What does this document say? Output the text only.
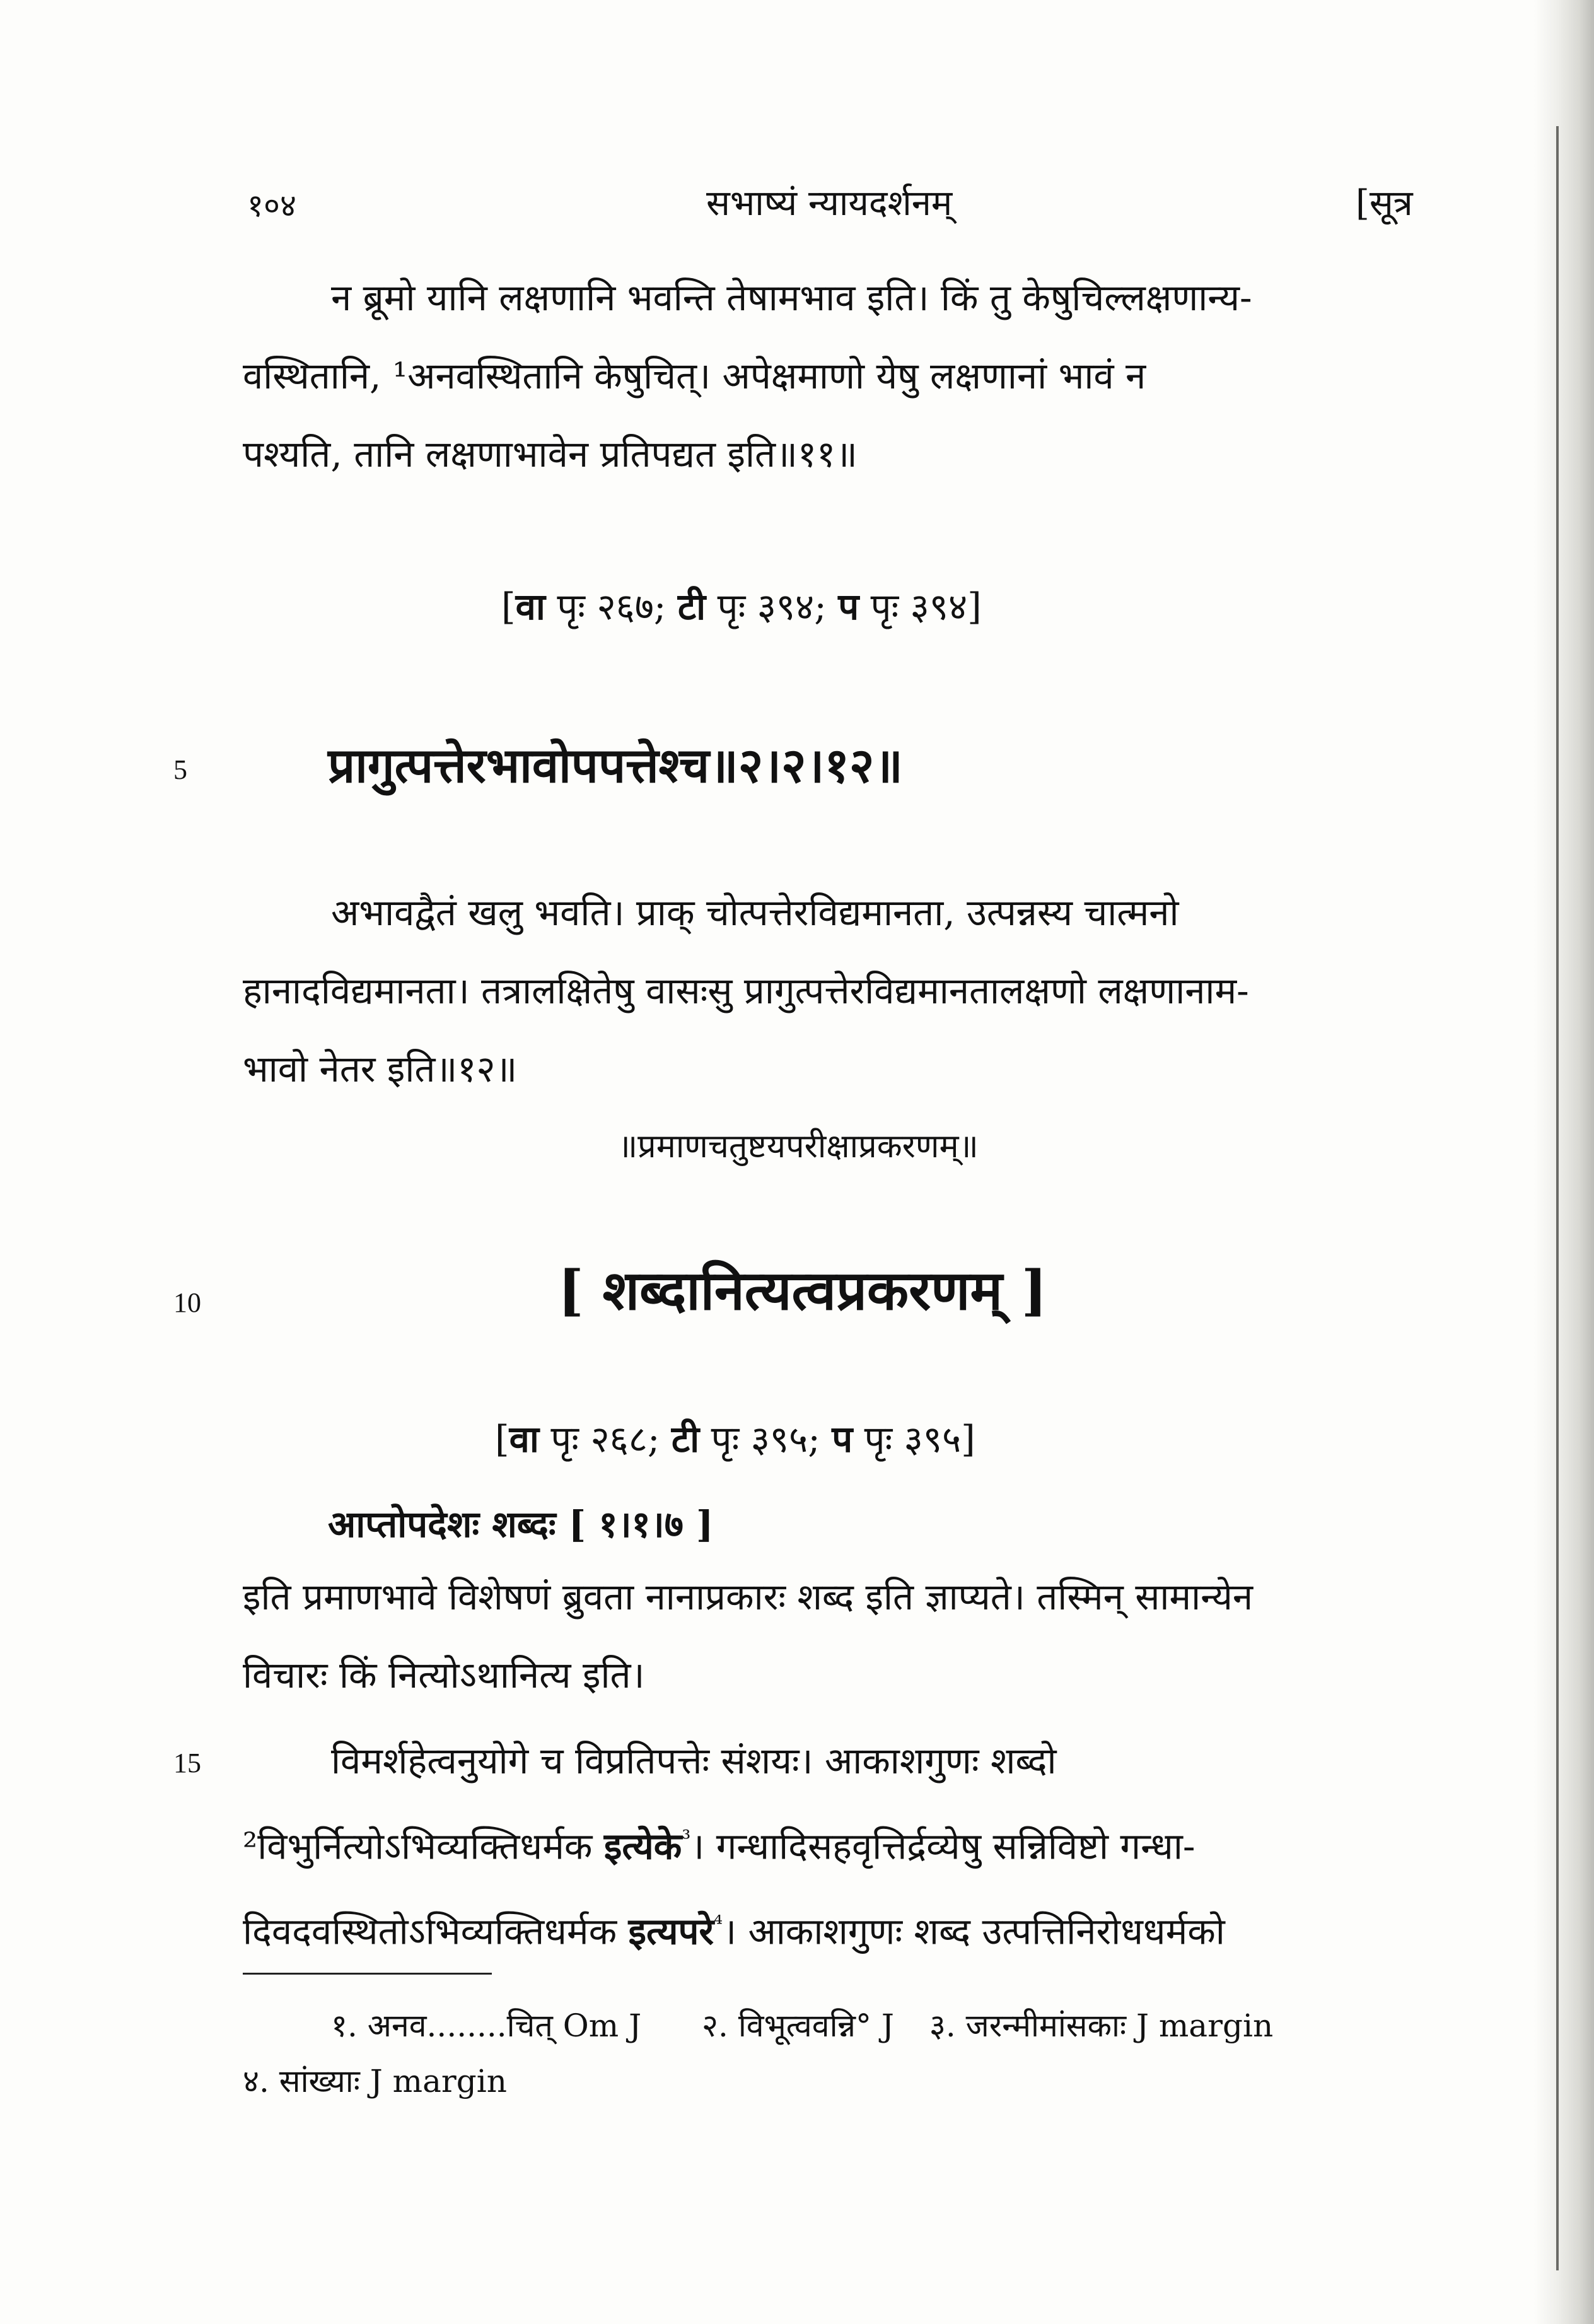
१०४	सभाष्यं न्यायदर्शनम्	[सूत्र

न ब्रूमो यानि लक्षणानि भवन्ति तेषामभाव इति। किं तु केषुचिल्लक्षणान्य-

वस्थितानि, ¹अनवस्थितानि केषुचित्। अपेक्षमाणो येषु लक्षणानां भावं न

पश्यति, तानि लक्षणाभावेन प्रतिपद्यत इति॥११॥

[वा पृः २६७; टी पृः ३९४; प पृः ३९४]
5	प्रागुत्पत्तेरभावोपपत्तेश्च॥२।२।१२॥

अभावद्वैतं खलु भवति। प्राक् चोत्पत्तेरविद्यमानता, उत्पन्नस्य चात्मनो

हानादविद्यमानता। तत्रालक्षितेषु वासःसु प्रागुत्पत्तेरविद्यमानतालक्षणो लक्षणानाम-

भावो नेतर इति॥१२॥

॥प्रमाणचतुष्टयपरीक्षाप्रकरणम्॥
10	[ शब्दानित्यत्वप्रकरणम् ]
[वा पृः २६८; टी पृः ३९५; प पृः ३९५]
आप्तोपदेशः शब्दः [ १।१।७ ]

इति प्रमाणभावे विशेषणं ब्रुवता नानाप्रकारः शब्द इति ज्ञाप्यते। तस्मिन् सामान्येन

विचारः किं नित्योऽथानित्य इति।

15	विमर्शहेत्वनुयोगे च विप्रतिपत्तेः संशयः। आकाशगुणः शब्दो

²विभुर्नित्योऽभिव्यक्तिधर्मक इत्येके$^{^3}$। गन्धादिसहवृत्तिर्द्रव्येषु सन्निविष्टो गन्धा-

दिवदवस्थितोऽभिव्यक्तिधर्मक इत्यपरे$^{^4}$। आकाशगुणः शब्द उत्पत्तिनिरोधधर्मको

१. अनव........चित् Om J २. विभूत्ववन्नि° J ३. जरन्मीमांसकाः J margin
४. सांख्याः J margin
